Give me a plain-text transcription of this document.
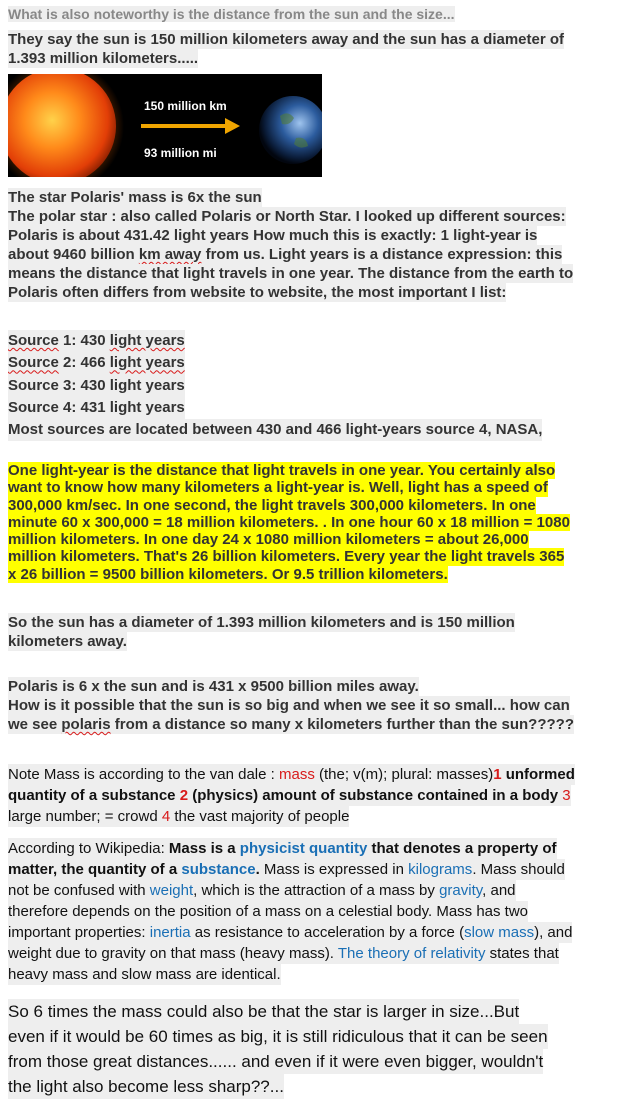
What is also noteworthy is the distance from the sun and the size...
They say the sun is 150 million kilometers away and the sun has a diameter of
1.393 million kilometers.....
150 million km
93 million mi
The star Polaris' mass is 6x the sun
The polar star : also called Polaris or North Star. I looked up different sources:
Polaris is about 431.42 light years How much this is exactly: 1 light-year is
about 9460 billion km away from us. Light years is a distance expression: this
means the distance that light travels in one year. The distance from the earth to
Polaris often differs from website to website, the most important I list:
Source 1: 430 light years
Source 2: 466 light years
Source 3: 430 light years
Source 4: 431 light years
Most sources are located between 430 and 466 light-years source 4, NASA,
One light-year is the distance that light travels in one year. You certainly also
want to know how many kilometers a light-year is. Well, light has a speed of
300,000 km/sec. In one second, the light travels 300,000 kilometers. In one
minute 60 x 300,000 = 18 million kilometers. . In one hour 60 x 18 million = 1080
million kilometers. In one day 24 x 1080 million kilometers = about 26,000
million kilometers. That's 26 billion kilometers. Every year the light travels 365
x 26 billion = 9500 billion kilometers. Or 9.5 trillion kilometers.
So the sun has a diameter of 1.393 million kilometers and is 150 million
kilometers away.
Polaris is 6 x the sun and is 431 x 9500 billion miles away.
How is it possible that the sun is so big and when we see it so small... how can
we see polaris from a distance so many x kilometers further than the sun?????
Note Mass is according to the van dale : mass (the; v(m); plural: masses)1 unformed
quantity of a substance 2 (physics) amount of substance contained in a body 3
large number; = crowd 4 the vast majority of people
According to Wikipedia: Mass is a physicist quantity that denotes a property of
matter, the quantity of a substance. Mass is expressed in kilograms. Mass should
not be confused with weight, which is the attraction of a mass by gravity, and
therefore depends on the position of a mass on a celestial body. Mass has two
important properties: inertia as resistance to acceleration by a force (slow mass), and
weight due to gravity on that mass (heavy mass). The theory of relativity states that
heavy mass and slow mass are identical.
So 6 times the mass could also be that the star is larger in size...But
even if it would be 60 times as big, it is still ridiculous that it can be seen
from those great distances...... and even if it were even bigger, wouldn't
the light also become less sharp??...
